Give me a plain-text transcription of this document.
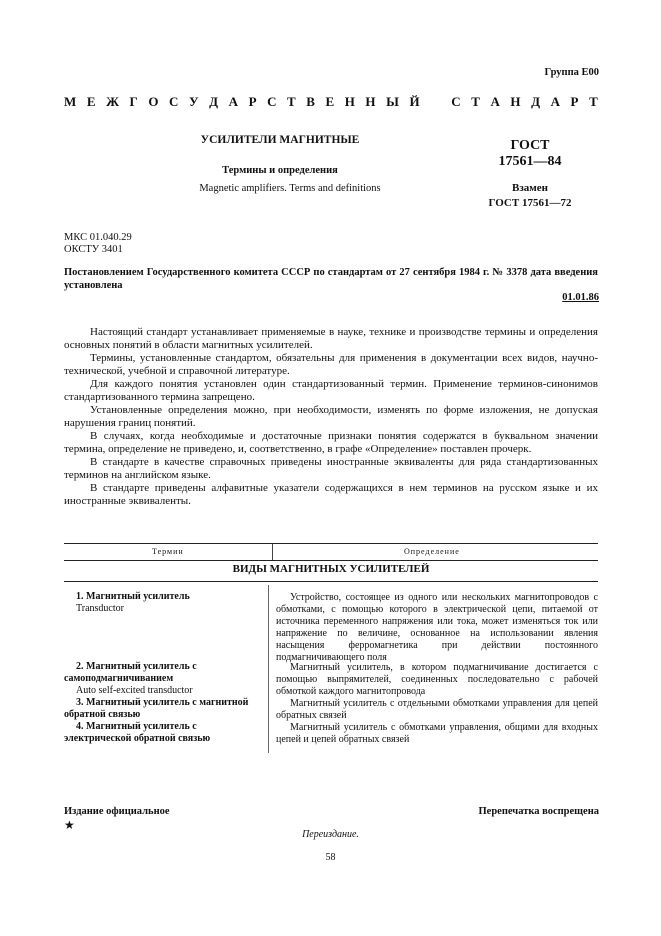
Группа Е00
М Е Ж Г О С У Д А Р С Т В Е Н Н Ы Й С Т А Н Д А Р Т
УСИЛИТЕЛИ МАГНИТНЫЕ
Термины и определения
Magnetic amplifiers. Terms and definitions
ГОСТ
17561—84
Взамен
ГОСТ 17561—72
МКС 01.040.29
ОКСТУ 3401
Постановлением Государственного комитета СССР по стандартам от 27 сентября 1984 г. № 3378 дата введения установлена
01.01.86

Настоящий стандарт устанавливает применяемые в науке, технике и производстве термины и определения основных понятий в области магнитных усилителей.

Термины, установленные стандартом, обязательны для применения в документации всех видов, научно-технической, учебной и справочной литературе.

Для каждого понятия установлен один стандартизованный термин. Применение терминов-синонимов стандартизованного термина запрещено.

Установленные определения можно, при необходимости, изменять по форме изложения, не допуская нарушения границ понятий.

В случаях, когда необходимые и достаточные признаки понятия содержатся в буквальном значении термина, определение не приведено, и, соответственно, в графе «Определение» поставлен прочерк.

В стандарте в качестве справочных приведены иностранные эквиваленты для ряда стандартизованных терминов на английском языке.

В стандарте приведены алфавитные указатели содержащихся в нем терминов на русском языке и их иностранные эквиваленты.

Термин	Определение
ВИДЫ МАГНИТНЫХ УСИЛИТЕЛЕЙ
1. Магнитный усилитель
Transductor

Устройство, состоящее из одного или нескольких магнитопроводов с обмотками, с помощью которого в электрической цепи, питаемой от источника переменного напряжения или тока, может изменяться ток или напряжение по величине, основанное на использовании явления насыщения ферромагнетика при действии постоянного подмагничивающего поля

2. Магнитный усилитель с самоподмагничиванием
Auto self-excited transductor

Магнитный усилитель, в котором подмагничивание достигается с помощью выпрямителей, соединенных последовательно с рабочей обмоткой каждого магнитопровода

3. Магнитный усилитель с магнитной обратной связью

Магнитный усилитель с отдельными обмотками управления для цепей обратных связей

4. Магнитный усилитель с электрической обратной связью

Магнитный усилитель с обмотками управления, общими для входных цепей и цепей обратных связей

Издание официальное	Перепечатка воспрещена
★
Переиздание.
58
